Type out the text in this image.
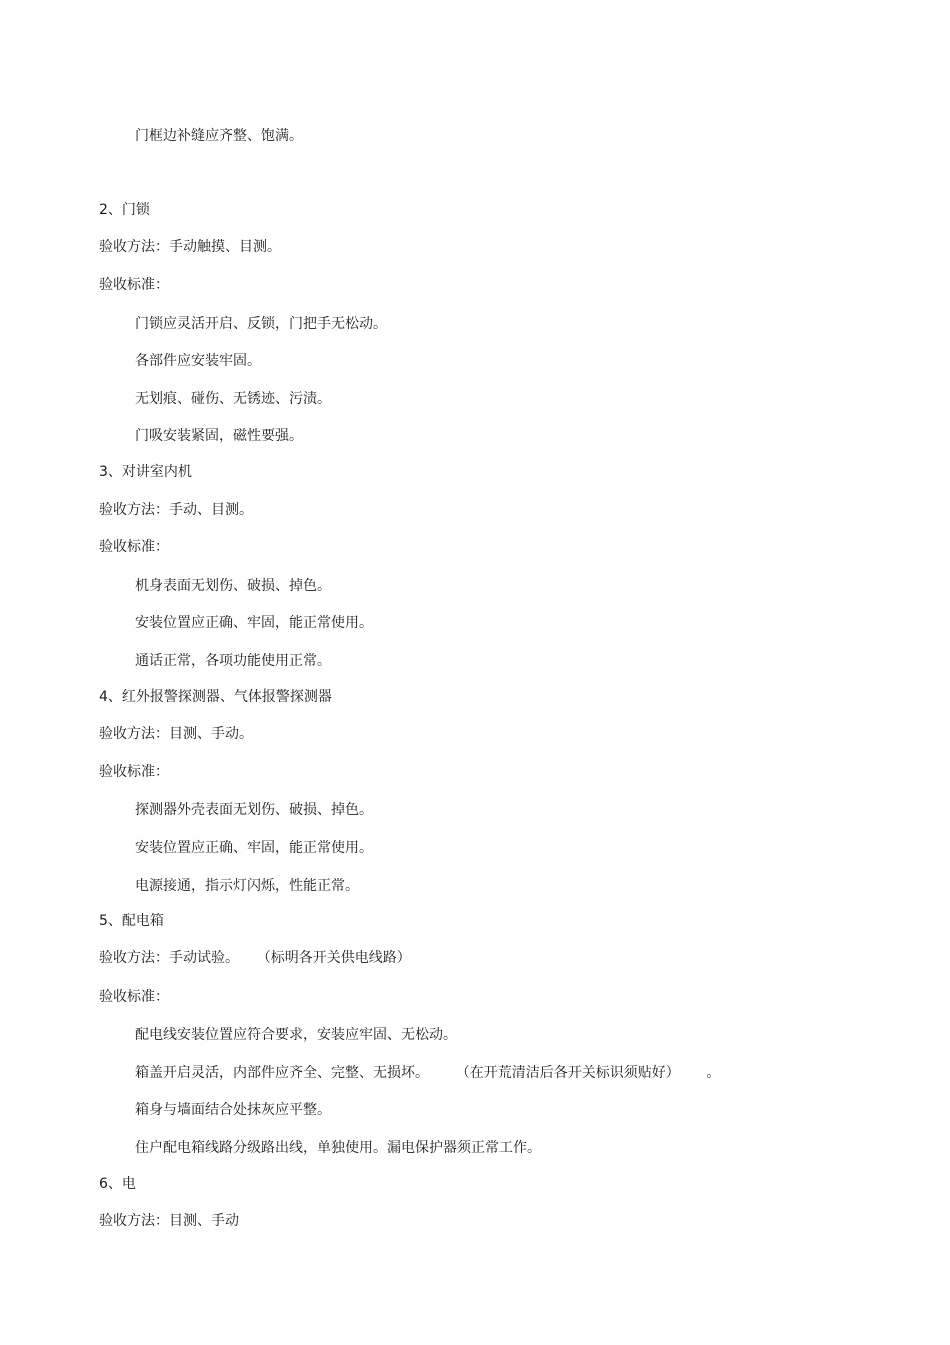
门框边补缝应齐整、饱满。
2、门锁
验收方法：手动触摸、目测。
验收标准：
门锁应灵活开启、反锁，门把手无松动。
各部件应安装牢固。
无划痕、碰伤、无锈迹、污渍。
门吸安装紧固，磁性要强。
3、对讲室内机
验收方法：手动、目测。
验收标准：
机身表面无划伤、破损、掉色。
安装位置应正确、牢固，能正常使用。
通话正常，各项功能使用正常。
4、红外报警探测器、气体报警探测器
验收方法：目测、手动。
验收标准：
探测器外壳表面无划伤、破损、掉色。
安装位置应正确、牢固，能正常使用。
电源接通，指示灯闪烁，性能正常。
5、配电箱
验收方法：手动试验。    （标明各开关供电线路）
验收标准：
配电线安装位置应符合要求，安装应牢固、无松动。
箱盖开启灵活，内部件应齐全、完整、无损坏。      （在开荒清洁后各开关标识须贴好）      。
箱身与墙面结合处抹灰应平整。
住户配电箱线路分级路出线，单独使用。漏电保护器须正常工作。
6、电
验收方法：目测、手动
